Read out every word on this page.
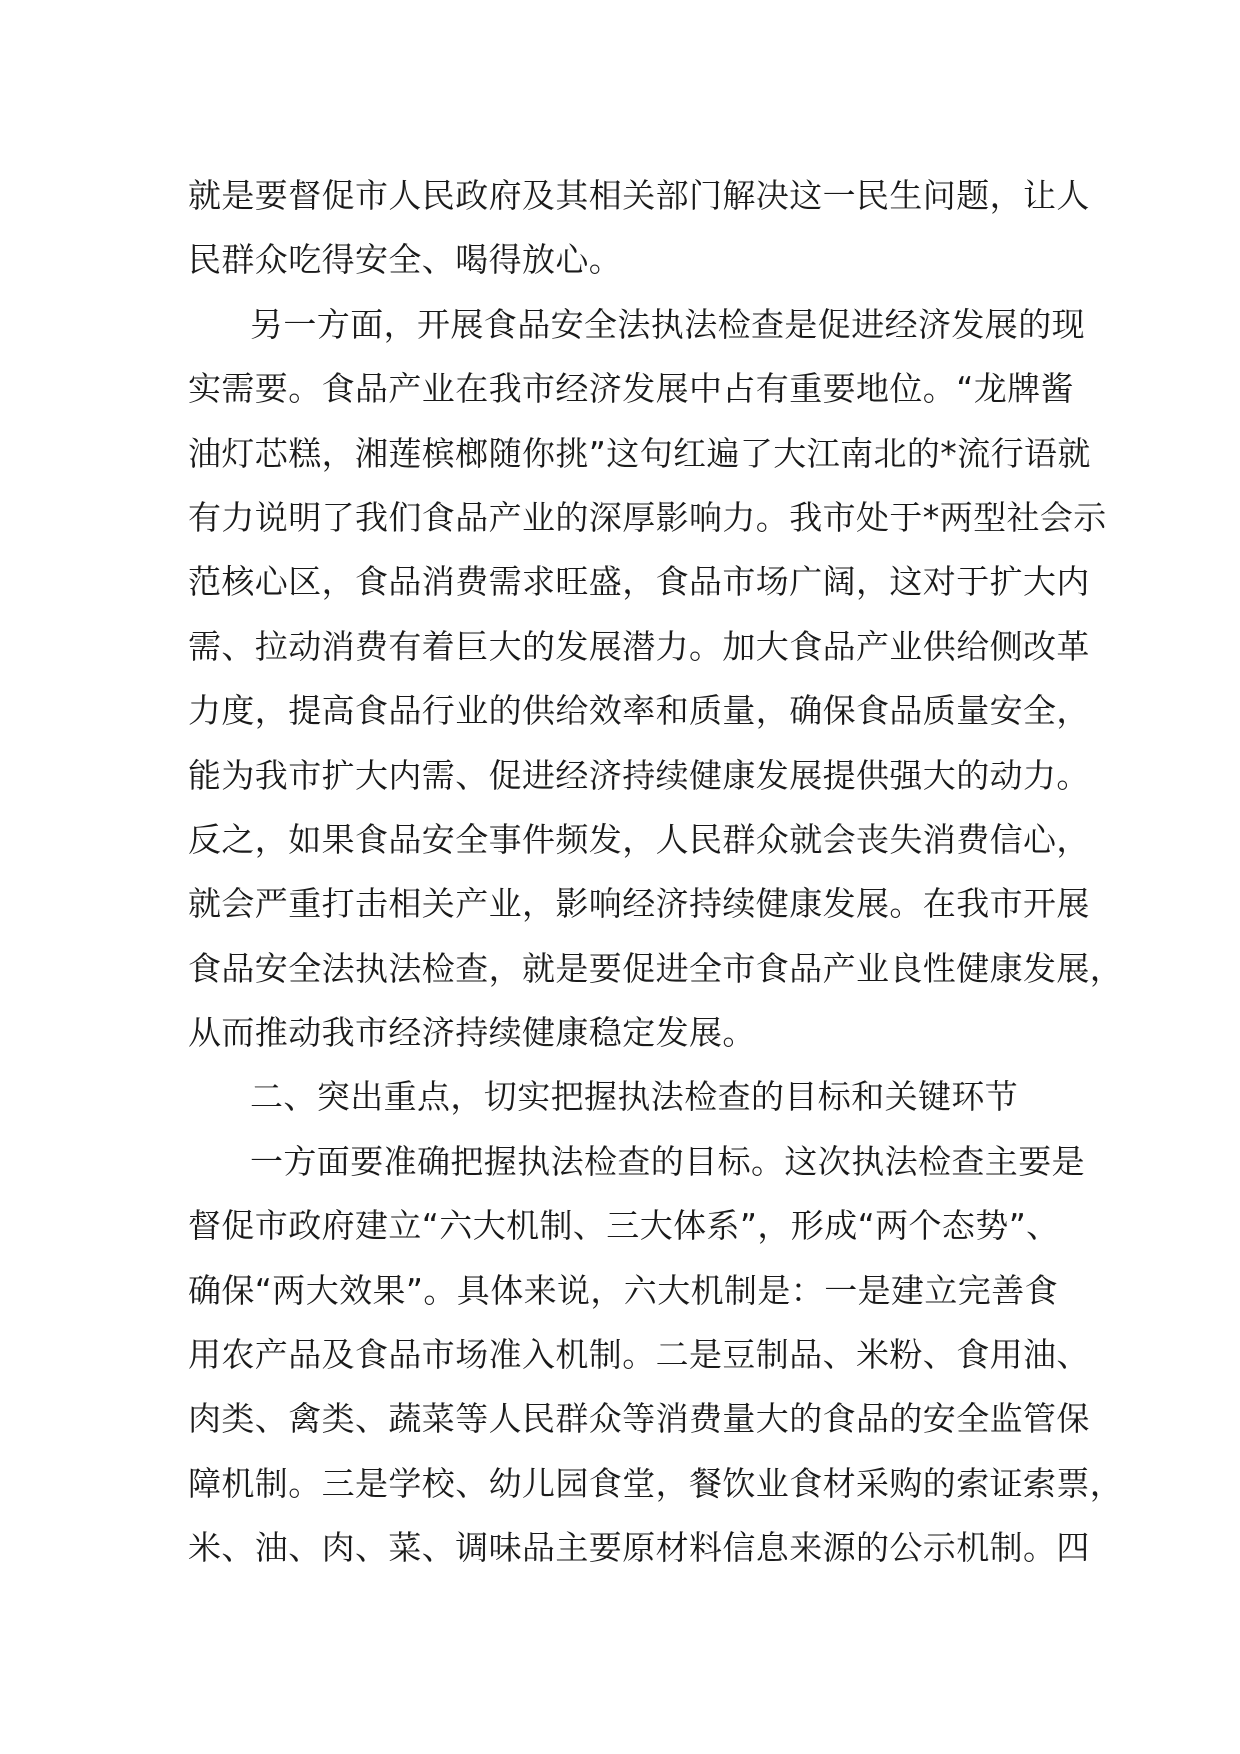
就是要督促市人民政府及其相关部门解决这一民生问题，让人
民群众吃得安全、喝得放心。
另一方面，开展食品安全法执法检查是促进经济发展的现
实需要。食品产业在我市经济发展中占有重要地位。“龙牌酱
油灯芯糕，湘莲槟榔随你挑”这句红遍了大江南北的*流行语就
有力说明了我们食品产业的深厚影响力。我市处于*两型社会示
范核心区，食品消费需求旺盛，食品市场广阔，这对于扩大内
需、拉动消费有着巨大的发展潜力。加大食品产业供给侧改革
力度，提高食品行业的供给效率和质量，确保食品质量安全，
能为我市扩大内需、促进经济持续健康发展提供强大的动力。
反之，如果食品安全事件频发，人民群众就会丧失消费信心，
就会严重打击相关产业，影响经济持续健康发展。在我市开展
食品安全法执法检查，就是要促进全市食品产业良性健康发展，
从而推动我市经济持续健康稳定发展。
二、突出重点，切实把握执法检查的目标和关键环节
一方面要准确把握执法检查的目标。这次执法检查主要是
督促市政府建立“六大机制、三大体系”，形成“两个态势”、
确保“两大效果”。具体来说，六大机制是：一是建立完善食
用农产品及食品市场准入机制。二是豆制品、米粉、食用油、
肉类、禽类、蔬菜等人民群众等消费量大的食品的安全监管保
障机制。三是学校、幼儿园食堂，餐饮业食材采购的索证索票，
米、油、肉、菜、调味品主要原材料信息来源的公示机制。四
